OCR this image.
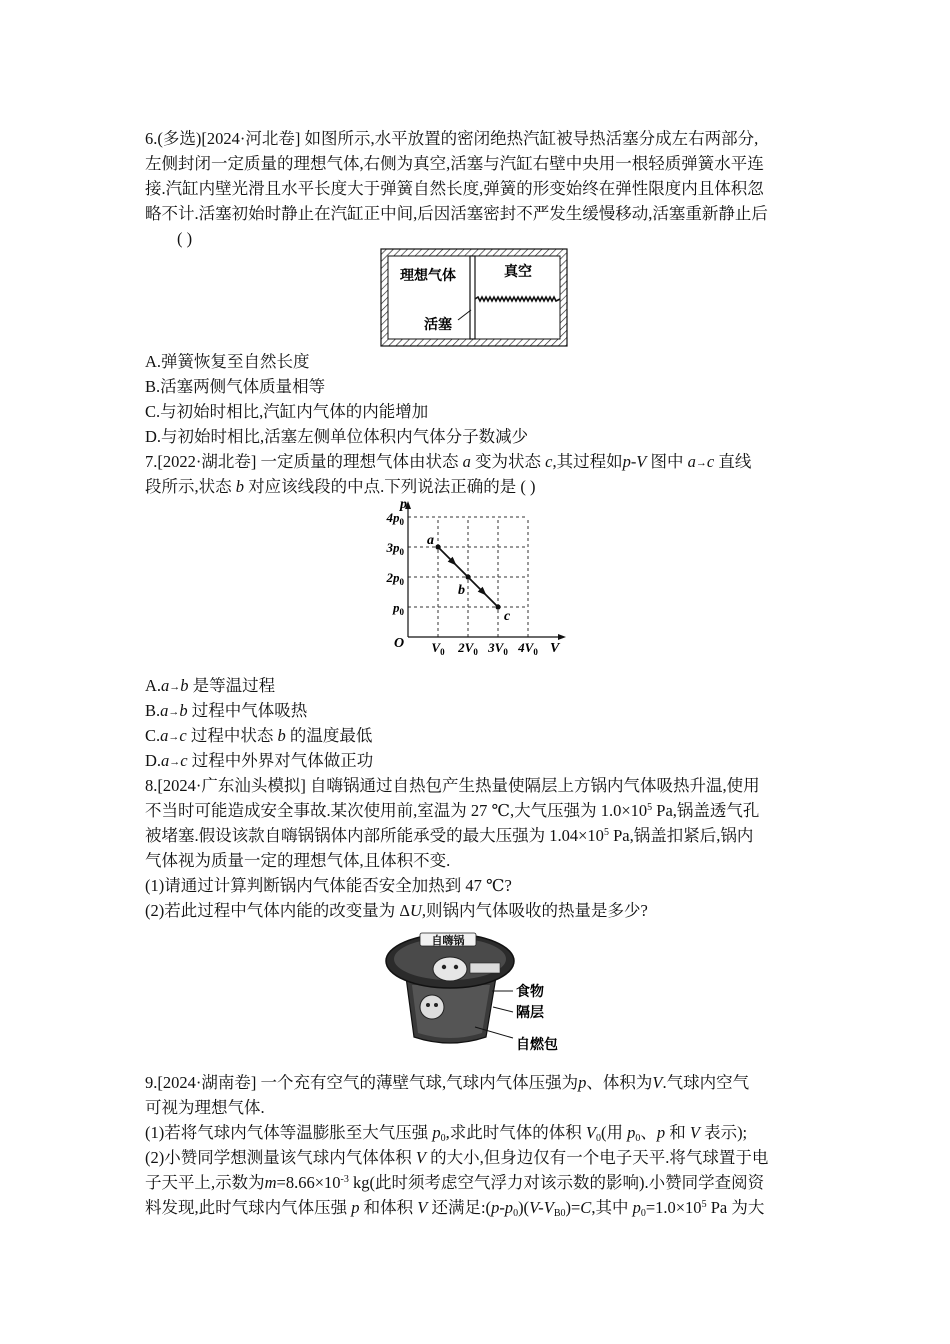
6.(多选)[2024·河北卷] 如图所示,水平放置的密闭绝热汽缸被导热活塞分成左右两部分,
左侧封闭一定质量的理想气体,右侧为真空,活塞与汽缸右壁中央用一根轻质弹簧水平连
接.汽缸内壁光滑且水平长度大于弹簧自然长度,弹簧的形变始终在弹性限度内且体积忽
略不计.活塞初始时静止在汽缸正中间,后因活塞密封不严发生缓慢移动,活塞重新静止后
( )
理想气体	真空
活塞
A.弹簧恢复至自然长度
B.活塞两侧气体质量相等
C.与初始时相比,汽缸内气体的内能增加
D.与初始时相比,活塞左侧单位体积内气体分子数减少
7.[2022·湖北卷] 一定质量的理想气体由状态 a 变为状态 c,其过程如p-V 图中 a→c 直线
段所示,状态 b 对应该线段的中点.下列说法正确的是 ( )
p
V
O $V_0$ $2V_0$ $3V_0$ $4V_0$
$p_0$
$2p_0$
$3p_0$
$4p_0$
a
b
c
A.a→b 是等温过程
B.a→b 过程中气体吸热
C.a→c 过程中状态 b 的温度最低
D.a→c 过程中外界对气体做正功
8.[2024·广东汕头模拟] 自嗨锅通过自热包产生热量使隔层上方锅内气体吸热升温,使用
不当时可能造成安全事故.某次使用前,室温为 27 ℃,大气压强为 $1.0\times 10^5$ Pa,锅盖透气孔
被堵塞.假设该款自嗨锅锅体内部所能承受的最大压强为 $1.04\times 10^5$ Pa,锅盖扣紧后,锅内
气体视为质量一定的理想气体,且体积不变.
(1)请通过计算判断锅内气体能否安全加热到 47 ℃?
(2)若此过程中气体内能的改变量为 ΔU,则锅内气体吸收的热量是多少?
自嗨锅
食物
隔层
自燃包
9.[2024·湖南卷] 一个充有空气的薄壁气球,气球内气体压强为p、体积为V.气球内空气
可视为理想气体.
(1)若将气球内气体等温膨胀至大气压强 $p_0$,求此时气体的体积 $V_0$(用 $p_0$、p 和 V 表示);
(2)小赞同学想测量该气球内气体体积 V 的大小,但身边仅有一个电子天平.将气球置于电
子天平上,示数为$m=8.66\times 10^{-3}$ kg(此时须考虑空气浮力对该示数的影响).小赞同学查阅资
料发现,此时气球内气体压强 p 和体积 V 还满足$:(p-p_0)(V-V_{B0})=C$,其中 $p_0=1.0\times 10^5$ Pa 为大
